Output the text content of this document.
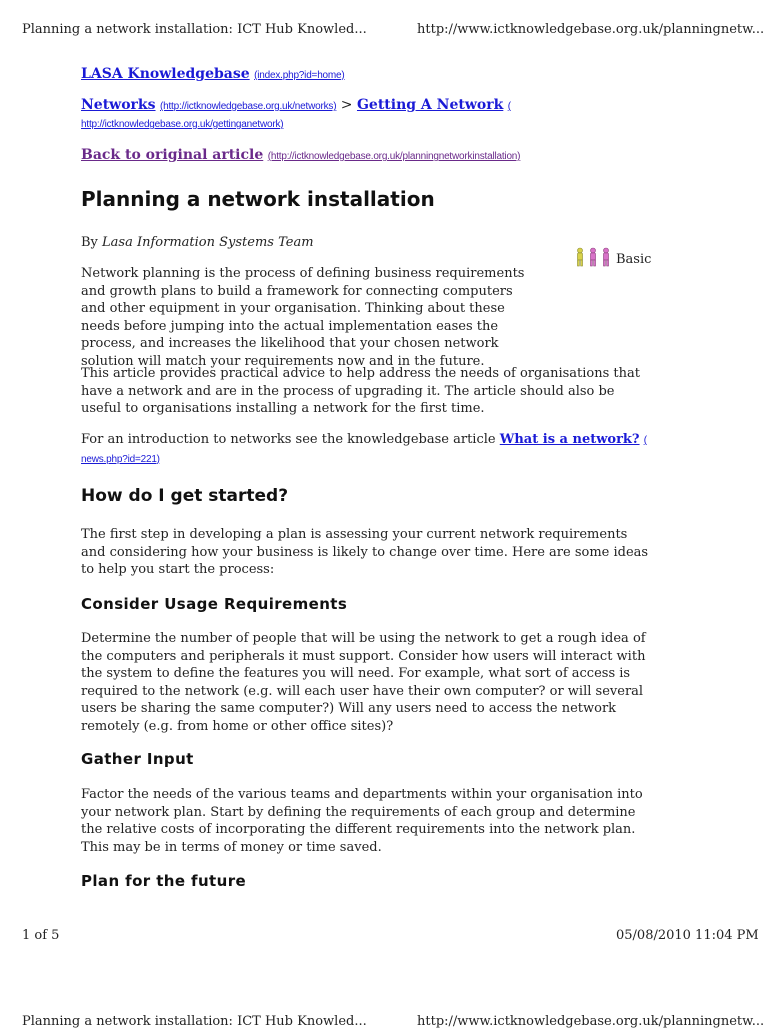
Planning a network installation: ICT Hub Knowled...	http://www.ictknowledgebase.org.uk/planningnetw...

LASA Knowledgebase (index.php?id=home)

Networks (http://ictknowledgebase.org.uk/networks) > Getting A Network (
http://ictknowledgebase.org.uk/gettinganetwork)

Back to original article (http://ictknowledgebase.org.uk/planningnetworkinstallation)

Planning a network installation

By Lasa Information Systems Team

Basic

Network planning is the process of defining business requirements and growth plans to build a framework for connecting computers and other equipment in your organisation. Thinking about these needs before jumping into the actual implementation eases the process, and increases the likelihood that your chosen network solution will match your requirements now and in the future.

This article provides practical advice to help address the needs of organisations that have a network and are in the process of upgrading it. The article should also be useful to organisations installing a network for the first time.

For an introduction to networks see the knowledgebase article What is a network? (
news.php?id=221)

How do I get started?

The first step in developing a plan is assessing your current network requirements and considering how your business is likely to change over time. Here are some ideas to help you start the process:

Consider Usage Requirements

Determine the number of people that will be using the network to get a rough idea of the computers and peripherals it must support. Consider how users will interact with the system to define the features you will need. For example, what sort of access is required to the network (e.g. will each user have their own computer? or will several users be sharing the same computer?) Will any users need to access the network remotely (e.g. from home or other office sites)?

Gather Input

Factor the needs of the various teams and departments within your organisation into your network plan. Start by defining the requirements of each group and determine the relative costs of incorporating the different requirements into the network plan. This may be in terms of money or time saved.

Plan for the future
1 of 5	05/08/2010 11:04 PM
Planning a network installation: ICT Hub Knowled...	http://www.ictknowledgebase.org.uk/planningnetw...
